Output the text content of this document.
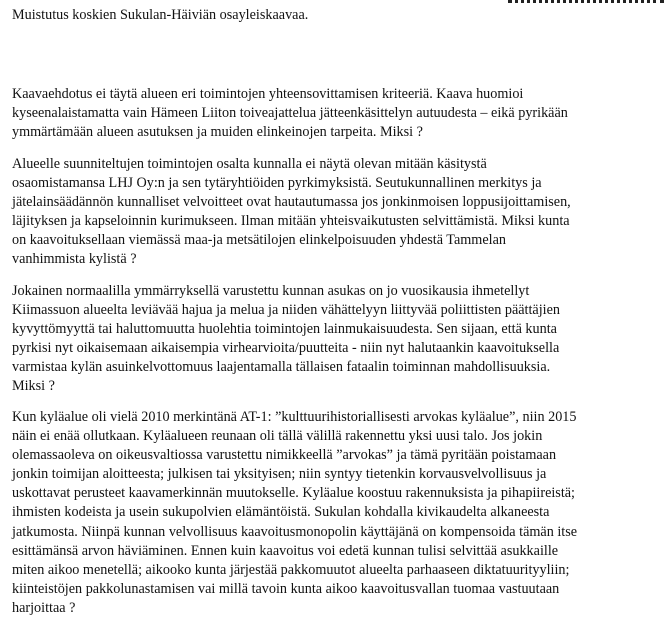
Muistutus koskien Sukulan-Häiviän osayleiskaavaa.

Kaavaehdotus ei täytä alueen eri toimintojen yhteensovittamisen kriteeriä. Kaava huomioi
kyseenalaistamatta vain Hämeen Liiton toiveajattelua jätteenkäsittelyn autuudesta – eikä pyrikään
ymmärtämään alueen asutuksen ja muiden elinkeinojen tarpeita. Miksi ?

Alueelle suunniteltujen toimintojen osalta kunnalla ei näytä olevan mitään käsitystä
osaomistamansa LHJ Oy:n ja sen tytäryhtiöiden pyrkimyksistä. Seutukunnallinen merkitys ja
jätelainsäädännön kunnalliset velvoitteet ovat hautautumassa jos jonkinmoisen loppusijoittamisen,
läjityksen ja kapseloinnin kurimukseen. Ilman mitään yhteisvaikutusten selvittämistä. Miksi kunta
on kaavoituksellaan viemässä maa-ja metsätilojen elinkelpoisuuden yhdestä Tammelan
vanhimmista kylistä ?

Jokainen normaalilla ymmärryksellä varustettu kunnan asukas on jo vuosikausia ihmetellyt
Kiimassuon alueelta leviävää hajua ja melua ja niiden vähättelyyn liittyvää poliittisten päättäjien
kyvyttömyyttä tai haluttomuutta huolehtia toimintojen lainmukaisuudesta. Sen sijaan, että kunta
pyrkisi nyt oikaisemaan aikaisempia virhearvioita/puutteita - niin nyt halutaankin kaavoituksella
varmistaa kylän asuinkelvottomuus laajentamalla tällaisen fataalin toiminnan mahdollisuuksia.
Miksi ?

Kun kyläalue oli vielä 2010 merkintänä AT-1: ”kulttuurihistoriallisesti arvokas kyläalue”, niin 2015
näin ei enää ollutkaan. Kyläalueen reunaan oli tällä välillä rakennettu yksi uusi talo. Jos jokin
olemassaoleva on oikeusvaltiossa varustettu nimikkeellä ”arvokas” ja tämä pyritään poistamaan
jonkin toimijan aloitteesta; julkisen tai yksityisen; niin syntyy tietenkin korvausvelvollisuus ja
uskottavat perusteet kaavamerkinnän muutokselle. Kyläalue koostuu rakennuksista ja pihapiireistä;
ihmisten kodeista ja usein sukupolvien elämäntöistä. Sukulan kohdalla kivikaudelta alkaneesta
jatkumosta. Niinpä kunnan velvollisuus kaavoitusmonopolin käyttäjänä on kompensoida tämän itse
esittämänsä arvon häviäminen. Ennen kuin kaavoitus voi edetä kunnan tulisi selvittää asukkaille
miten aikoo menetellä; aikooko kunta järjestää pakkomuutot alueelta parhaaseen diktatuurityyliin;
kiinteistöjen pakkolunastamisen vai millä tavoin kunta aikoo kaavoitusvallan tuomaa vastuutaan
harjoittaa ?
